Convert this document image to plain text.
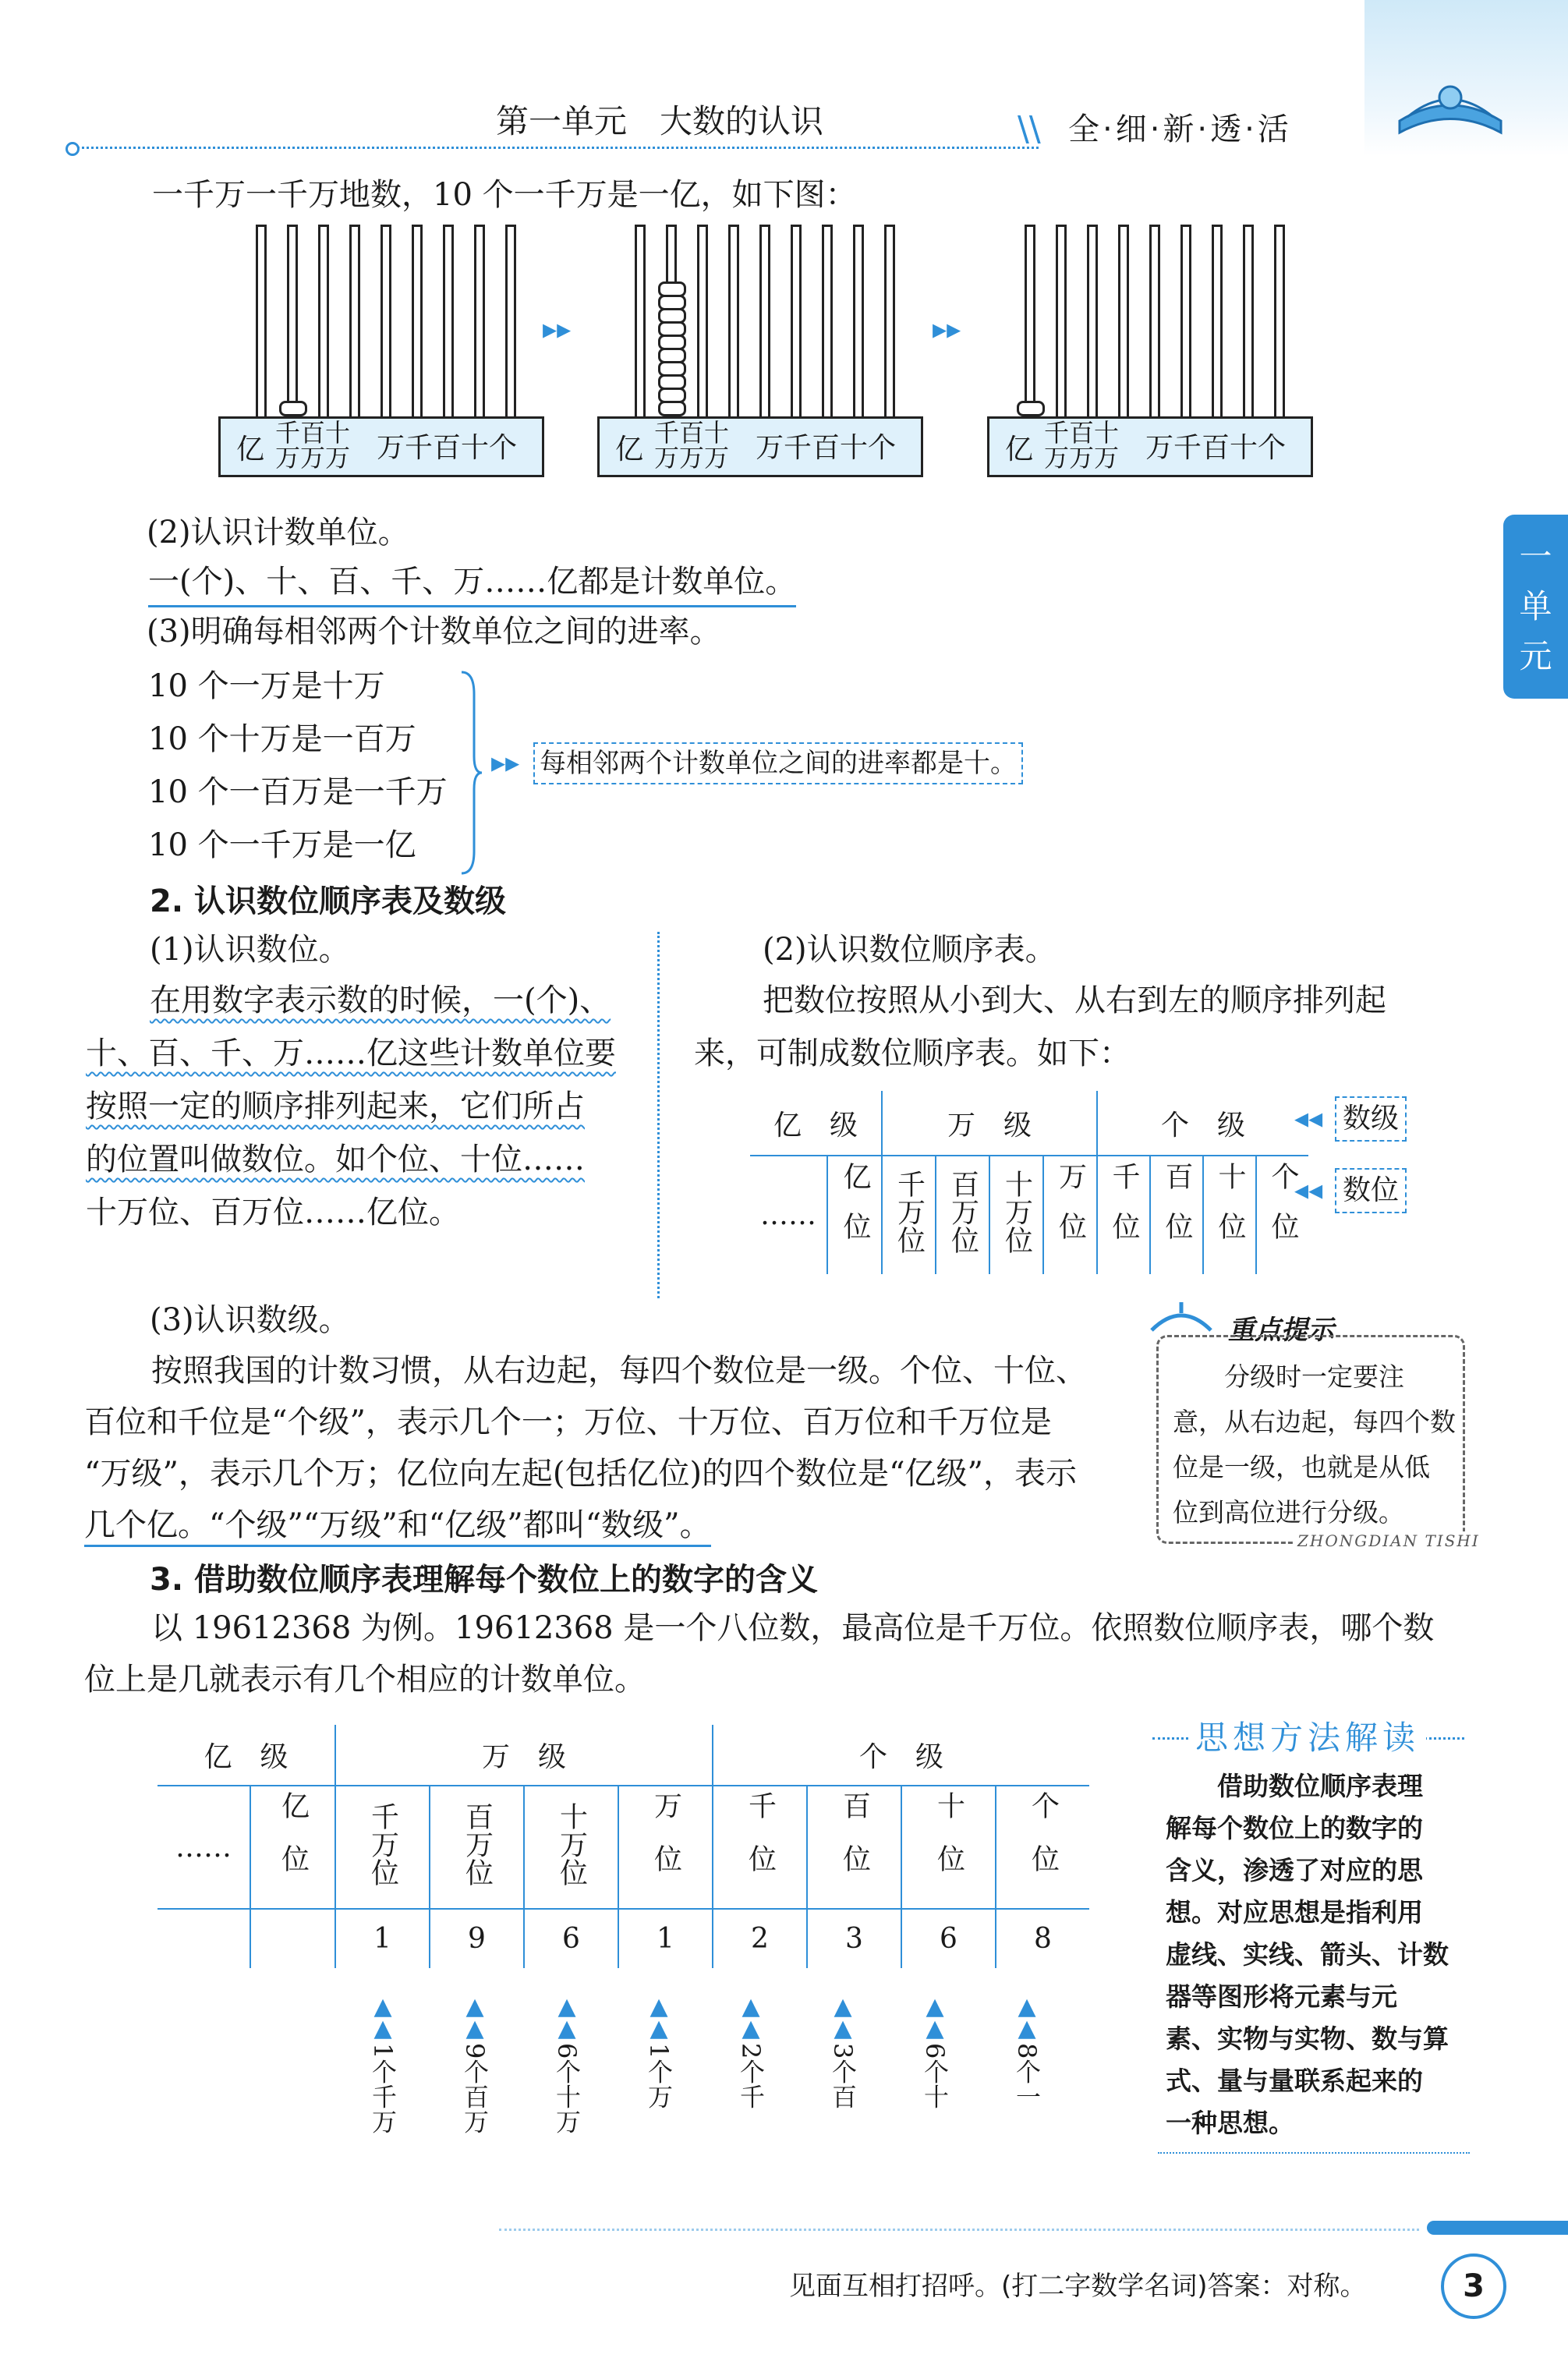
第一单元　大数的认识	\\ 全·细·新·透·活
一
单
元
一千万一千万地数，10 个一千万是一亿，如下图：
亿
千百十
万万万 万千百十个	亿
千百十
万万万 万千百十个	亿
千百十
万万万 万千百十个
▸▸	▸▸
(2)认识计数单位。
一(个)、十、百、千、万……亿都是计数单位。
(3)明确每相邻两个计数单位之间的进率。
10 个一万是十万
10 个十万是一百万
10 个一百万是一千万
10 个一千万是一亿
▸▸ 每相邻两个计数单位之间的进率都是十。
2. 认识数位顺序表及数级
(1)认识数位。
在用数字表示数的时候，一(个)、
十、百、千、万……亿这些计数单位要
按照一定的顺序排列起来，它们所占
的位置叫做数位。如个位、十位……
十万位、百万位……亿位。
(2)认识数位顺序表。
把数位按照从小到大、从右到左的顺序排列起
来，可制成数位顺序表。如下：
亿　级		万　级				个　级			
……	亿位	千万位	百万位	十万位	万位	千位	百位	十位	个位
◂◂ 数级
◂◂ 数位
(3)认识数级。
按照我国的计数习惯，从右边起，每四个数位是一级。个位、十位、
百位和千位是“个级”，表示几个一；万位、十万位、百万位和千万位是
“万级”，表示几个万；亿位向左起(包括亿位)的四个数位是“亿级”，表示
几个亿。“个级”“万级”和“亿级”都叫“数级”。
重点提示
分级时一定要注
意，从右边起，每四个数
位是一级，也就是从低
位到高位进行分级。
ZHONGDIAN TISHI
3. 借助数位顺序表理解每个数位上的数字的含义
以 19612368 为例。19612368 是一个八位数，最高位是千万位。依照数位顺序表，哪个数
位上是几就表示有几个相应的计数单位。
亿　级		万　级				个　级			
……	亿位	千万位	百万位	十万位	万位	千位	百位	十位	个位
		1	9	6	1	2	3	6	8
▲
▲
1个千万
▲
▲
9个百万
▲
▲
6个十万
▲
▲
1个万
▲
▲
2个千
▲
▲
3个百
▲
▲
6个十
▲
▲
8个一
思想方法解读
借助数位顺序表理
解每个数位上的数字的
含义，渗透了对应的思
想。对应思想是指利用
虚线、实线、箭头、计数
器等图形将元素与元
素、实物与实物、数与算
式、量与量联系起来的
一种思想。
见面互相打招呼。(打二字数学名词)答案：对称。	3
